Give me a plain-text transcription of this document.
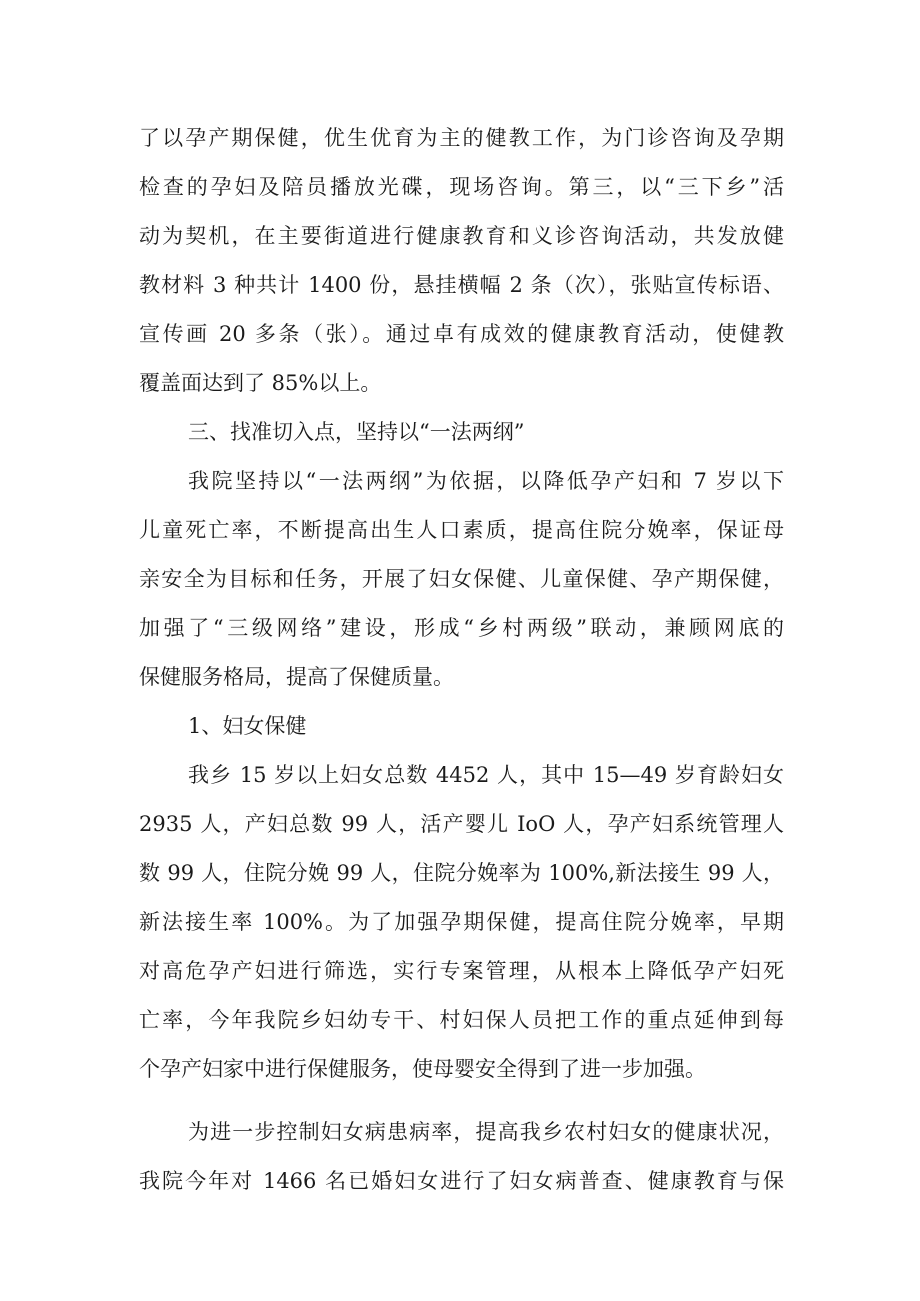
了以孕产期保健，优生优育为主的健教工作，为门诊咨询及孕期
检查的孕妇及陪员播放光碟，现场咨询。第三，以“三下乡”活
动为契机，在主要街道进行健康教育和义诊咨询活动，共发放健
教材料 3 种共计 1400 份，悬挂横幅 2 条（次），张贴宣传标语、
宣传画 20 多条（张）。通过卓有成效的健康教育活动，使健教
覆盖面达到了 85%以上。
三、找准切入点，坚持以“一法两纲”
我院坚持以“一法两纲”为依据，以降低孕产妇和 7 岁以下
儿童死亡率，不断提高出生人口素质，提高住院分娩率，保证母
亲安全为目标和任务，开展了妇女保健、儿童保健、孕产期保健，
加强了“三级网络”建设，形成“乡村两级”联动，兼顾网底的
保健服务格局，提高了保健质量。
1、妇女保健
我乡 15 岁以上妇女总数 4452 人，其中 15—49 岁育龄妇女
2935 人，产妇总数 99 人，活产婴儿 IoO 人，孕产妇系统管理人
数 99 人，住院分娩 99 人，住院分娩率为 100%,新法接生 99 人，
新法接生率 100%。为了加强孕期保健，提高住院分娩率，早期
对高危孕产妇进行筛选，实行专案管理，从根本上降低孕产妇死
亡率，今年我院乡妇幼专干、村妇保人员把工作的重点延伸到每
个孕产妇家中进行保健服务，使母婴安全得到了进一步加强。
为进一步控制妇女病患病率，提高我乡农村妇女的健康状况，
我院今年对 1466 名已婚妇女进行了妇女病普查、健康教育与保
